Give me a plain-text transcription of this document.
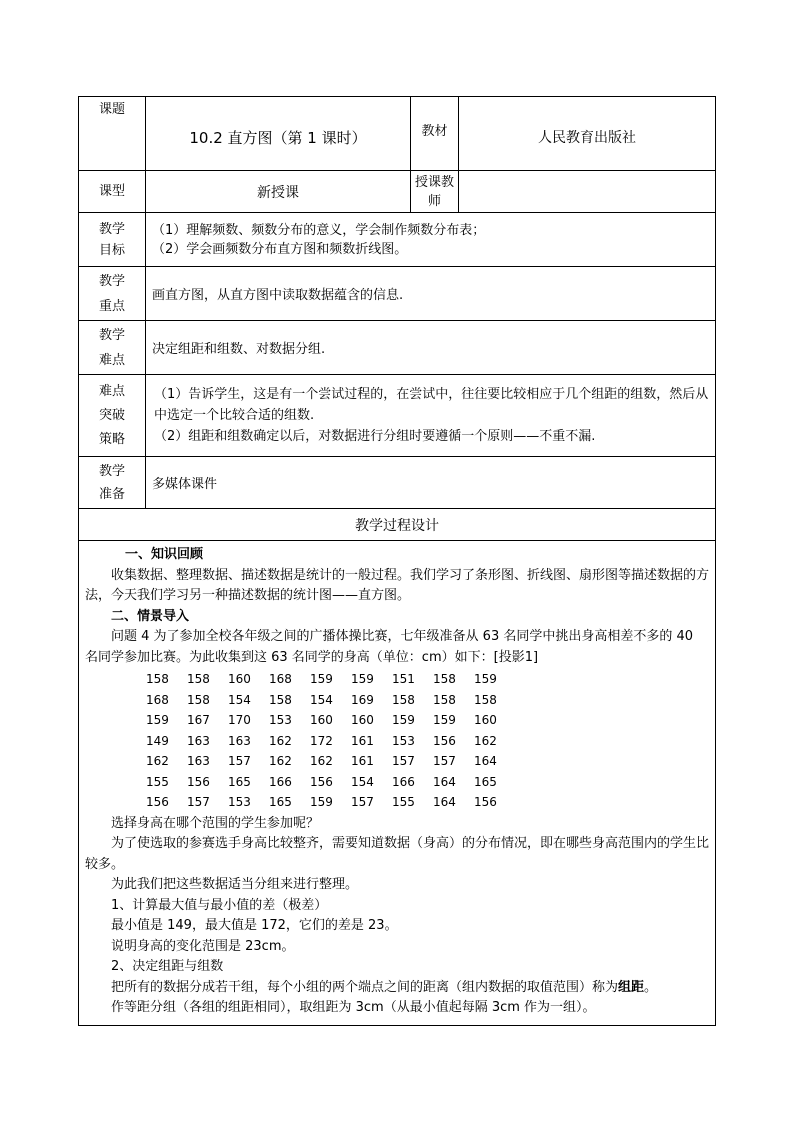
课题	10.2 直方图（第 1 课时）	教材	人民教育出版社
课型	新授课	授课教师	

教学目标

（1）理解频数、频数分布的意义，学会制作频数分布表；
（2）学会画频数分布直方图和频数折线图。

教学重点
	画直方图，从直方图中读取数据蕴含的信息.

教学难点
	决定组距和组数、对数据分组.

难点突破策略

（1）告诉学生，这是有一个尝试过程的，在尝试中，往往要比较相应于几个组距的组数，然后从中选定一个比较合适的组数.
（2）组距和组数确定以后，对数据进行分组时要遵循一个原则——不重不漏.

教学准备
	多媒体课件
教学过程设计

一、知识回顾
收集数据、整理数据、描述数据是统计的一般过程。我们学习了条形图、折线图、扇形图等描述数据的方法，今天我们学习另一种描述数据的统计图——直方图。
二、情景导入
问题 4 为了参加全校各年级之间的广播体操比赛，七年级准备从 63 名同学中挑出身高相差不多的 40 名同学参加比赛。为此收集到这 63 名同学的身高（单位：cm）如下：[投影1]
158	158	160	168	159	159	151	158	159
168	158	154	158	154	169	158	158	158
159	167	170	153	160	160	159	159	160
149	163	163	162	172	161	153	156	162
162	163	157	162	162	161	157	157	164
155	156	165	166	156	154	166	164	165
156	157	153	165	159	157	155	164	156
选择身高在哪个范围的学生参加呢？
为了使选取的参赛选手身高比较整齐，需要知道数据（身高）的分布情况，即在哪些身高范围内的学生比较多。
为此我们把这些数据适当分组来进行整理。
1、计算最大值与最小值的差（极差）
最小值是 149，最大值是 172，它们的差是 23。
说明身高的变化范围是 23cm。
2、决定组距与组数
把所有的数据分成若干组，每个小组的两个端点之间的距离（组内数据的取值范围）称为组距。
作等距分组（各组的组距相同），取组距为 3cm（从最小值起每隔 3cm 作为一组）。
